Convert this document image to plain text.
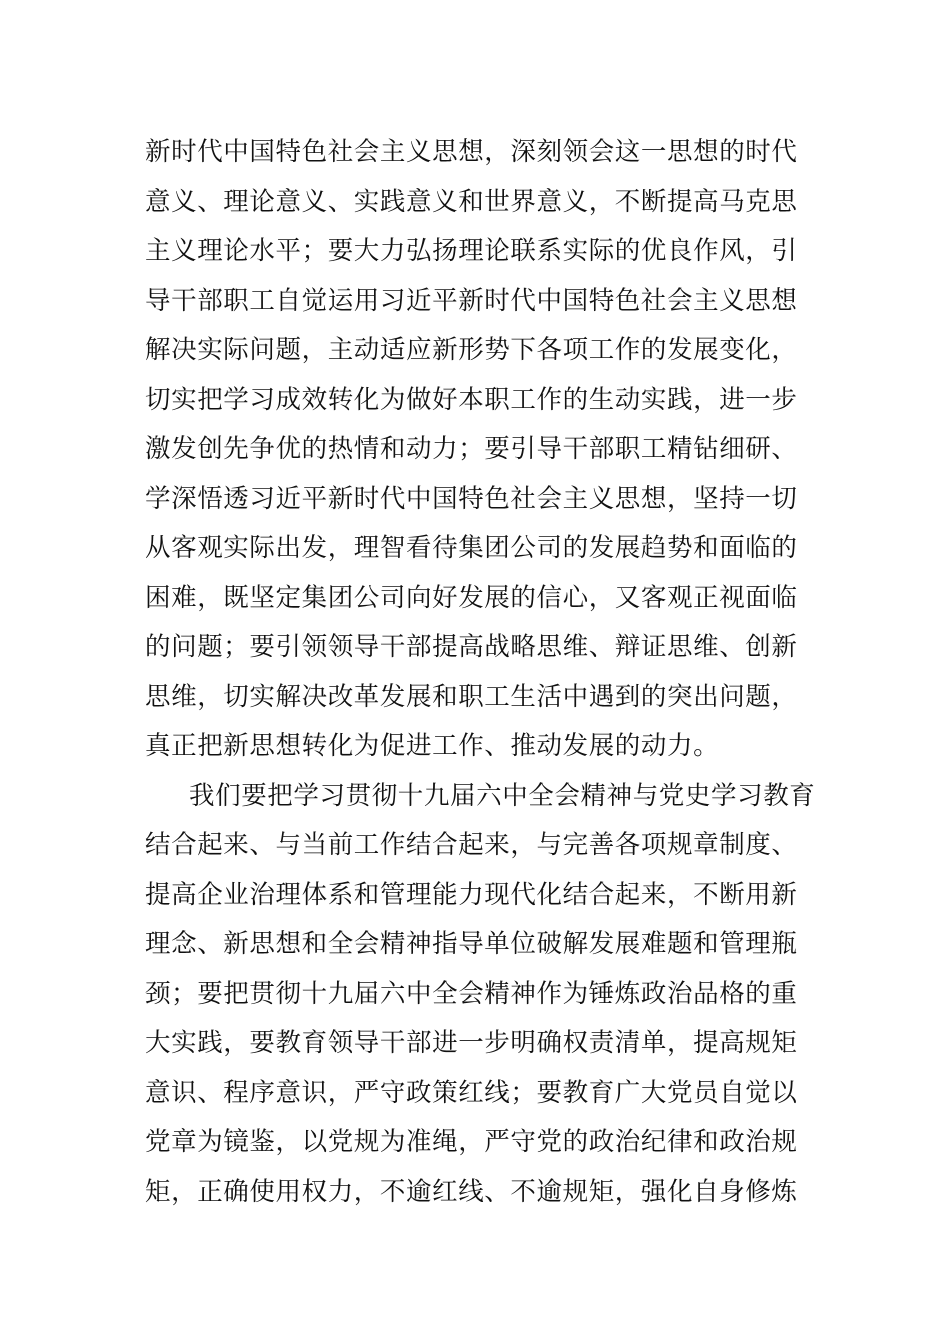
新时代中国特色社会主义思想，深刻领会这一思想的时代
意义、理论意义、实践意义和世界意义，不断提高马克思
主义理论水平；要大力弘扬理论联系实际的优良作风，引
导干部职工自觉运用习近平新时代中国特色社会主义思想
解决实际问题，主动适应新形势下各项工作的发展变化，
切实把学习成效转化为做好本职工作的生动实践，进一步
激发创先争优的热情和动力；要引导干部职工精钻细研、
学深悟透习近平新时代中国特色社会主义思想，坚持一切
从客观实际出发，理智看待集团公司的发展趋势和面临的
困难，既坚定集团公司向好发展的信心，又客观正视面临
的问题；要引领领导干部提高战略思维、辩证思维、创新
思维，切实解决改革发展和职工生活中遇到的突出问题，
真正把新思想转化为促进工作、推动发展的动力。
我们要把学习贯彻十九届六中全会精神与党史学习教育
结合起来、与当前工作结合起来，与完善各项规章制度、
提高企业治理体系和管理能力现代化结合起来，不断用新
理念、新思想和全会精神指导单位破解发展难题和管理瓶
颈；要把贯彻十九届六中全会精神作为锤炼政治品格的重
大实践，要教育领导干部进一步明确权责清单，提高规矩
意识、程序意识，严守政策红线；要教育广大党员自觉以
党章为镜鉴，以党规为准绳，严守党的政治纪律和政治规
矩，正确使用权力，不逾红线、不逾规矩，强化自身修炼
